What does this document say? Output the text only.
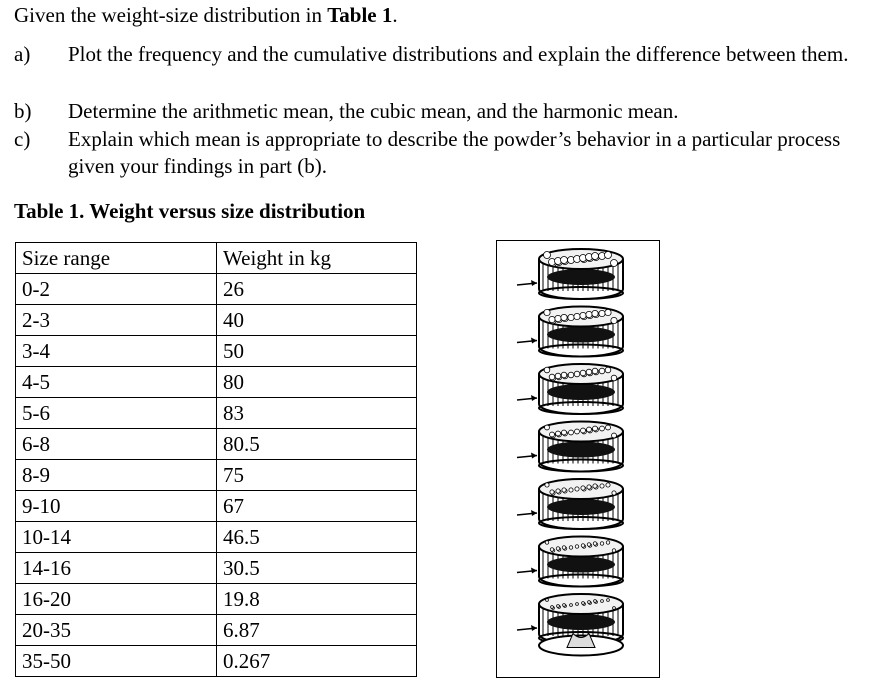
Given the weight-size distribution in Table 1.
a) Plot the frequency and the cumulative distributions and explain the difference between them.
b) Determine the arithmetic mean, the cubic mean, and the harmonic mean.
c) Explain which mean is appropriate to describe the powder’s behavior in a particular process given your findings in part (b).
Table 1. Weight versus size distribution
Size range	Weight in kg
0-2	26
2-3	40
3-4	50
4-5	80
5-6	83
6-8	80.5
8-9	75
9-10	67
10-14	46.5
14-16	30.5
16-20	19.8
20-35	6.87
35-50	0.267
